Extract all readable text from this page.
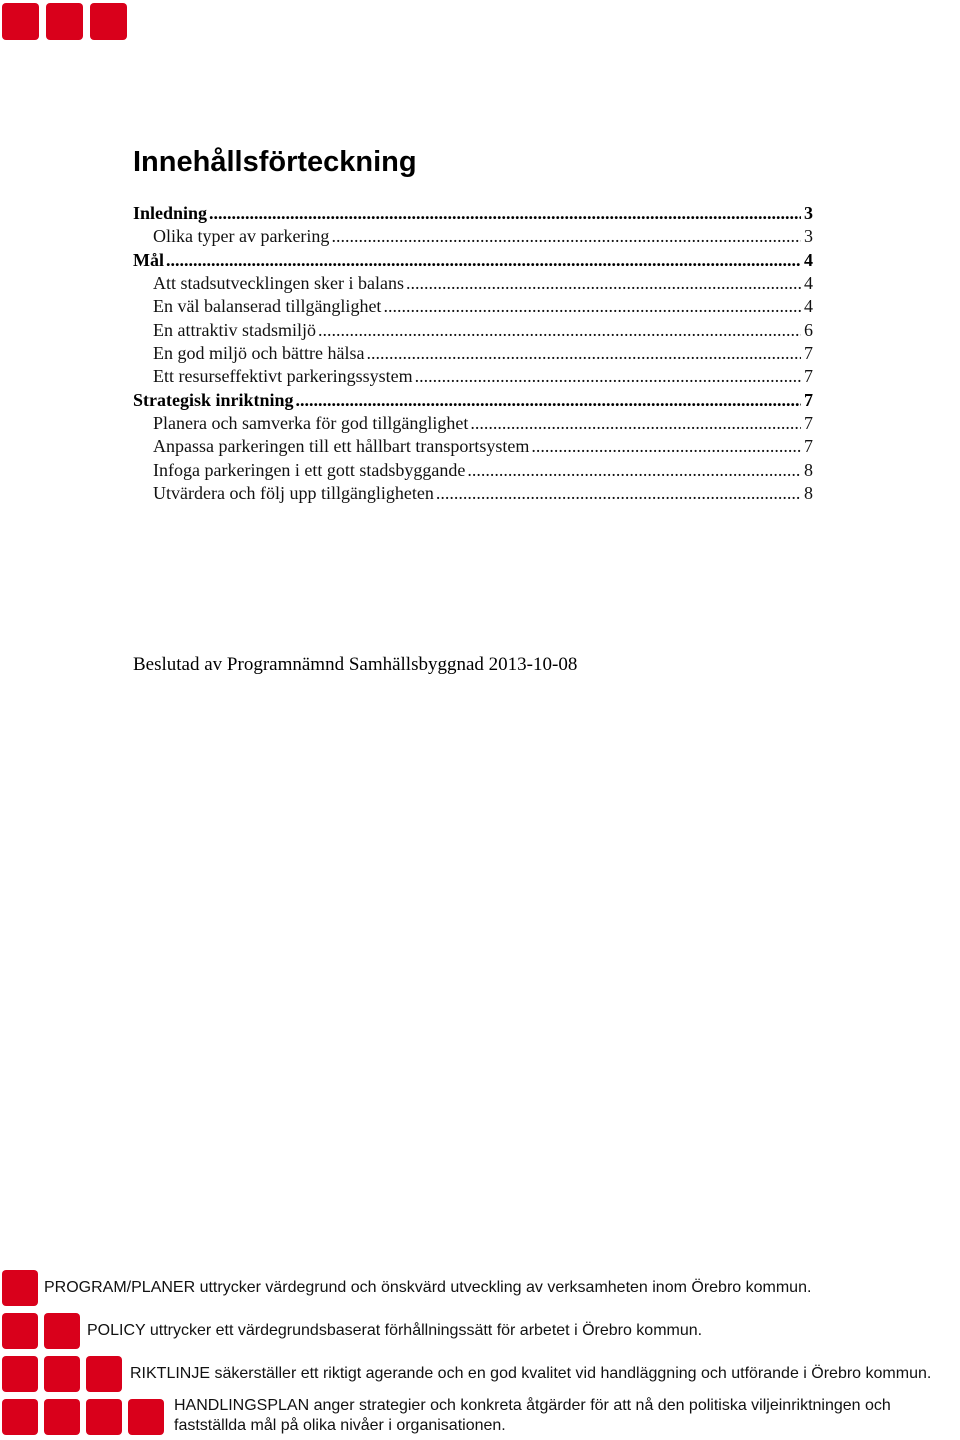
Innehållsförteckning
Inledning .....	3
Olika typer av parkering .....	3
Mål .....	4
Att stadsutvecklingen sker i balans .....	4
En väl balanserad tillgänglighet .....	4
En attraktiv stadsmiljö .....	6
En god miljö och bättre hälsa .....	7
Ett resurseffektivt parkeringssystem .....	7
Strategisk inriktning .....	7
Planera och samverka för god tillgänglighet .....	7
Anpassa parkeringen till ett hållbart transportsystem .....	7
Infoga parkeringen i ett gott stadsbyggande .....	8
Utvärdera och följ upp tillgängligheten .....	8
Beslutad av Programnämnd Samhällsbyggnad 2013-10-08
PROGRAM/PLANER uttrycker värdegrund och önskvärd utveckling av verksamheten inom Örebro kommun.
POLICY uttrycker ett värdegrundsbaserat förhållningssätt för arbetet i Örebro kommun.
RIKTLINJE säkerställer ett riktigt agerande och en god kvalitet vid handläggning och utförande i Örebro kommun.
HANDLINGSPLAN anger strategier och konkreta åtgärder för att nå den politiska viljeinriktningen och
fastställda mål på olika nivåer i organisationen.
